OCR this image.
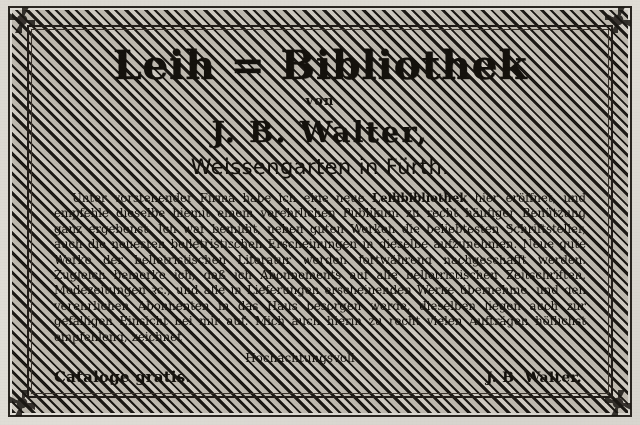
Leih = Bibliothek
von
J. B. Walter,
Weissengarten in Fürth.

Unter vorstehender Firma habe ich eine neue Leihbibliothek hier eröffnet, und empfehle dieselbe hiemit einem verehrlichen Publikum zu recht häufiger Benützung ganz ergebenst. Ich war bemüht, neben guten Werken die beliebtesten Schriftsteller, auch die neuesten belletristischen Erscheinungen in dieselbe aufzunehmen. Neue gute Werke der belletristischen Literatur werden fortwährend nachgeschafft werden. Zugleich bemerke ich, daß ich Abonnements auf alle belletristischen Zeitschriften, Modezeitungen ꝛc., und alle in Lieferungen erscheinenden Werke übernehme, und den verehrlichen Abonnenten in das Haus besorgen werde, dieselben liegen auch zur gefälligen Einsicht bei mir auf. Mich auch hierin zu recht vielen Aufträgen höflichst empfehlend, zeichnet

Hochachtungsvoll
Cataloge gratis.	J. B. Walter.
